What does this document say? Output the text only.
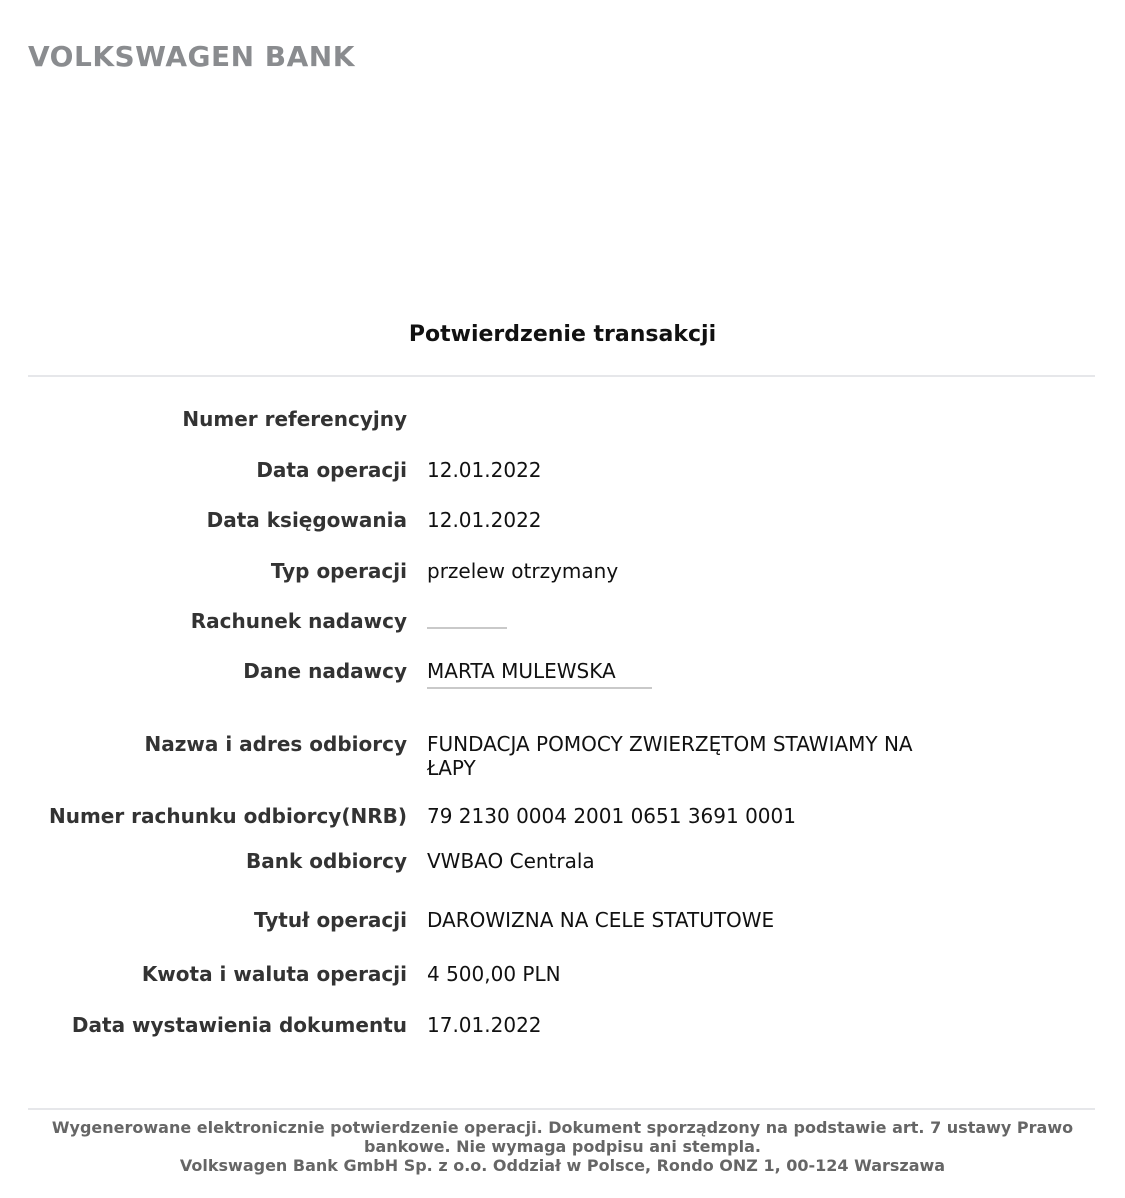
VOLKSWAGEN BANK
Potwierdzenie transakcji
Numer referencyjny
Data operacji 12.01.2022
Data księgowania 12.01.2022
Typ operacji przelew otrzymany
Rachunek nadawcy
Dane nadawcy MARTA MULEWSKA
Nazwa i adres odbiorcy FUNDACJA POMOCY ZWIERZĘTOM STAWIAMY NA ŁAPY
Numer rachunku odbiorcy(NRB) 79 2130 0004 2001 0651 3691 0001
Bank odbiorcy VWBAO Centrala
Tytuł operacji DAROWIZNA NA CELE STATUTOWE
Kwota i waluta operacji 4 500,00 PLN
Data wystawienia dokumentu 17.01.2022
Wygenerowane elektronicznie potwierdzenie operacji. Dokument sporządzony na podstawie art. 7 ustawy Prawo bankowe. Nie wymaga podpisu ani stempla.
Volkswagen Bank GmbH Sp. z o.o. Oddział w Polsce, Rondo ONZ 1, 00-124 Warszawa
